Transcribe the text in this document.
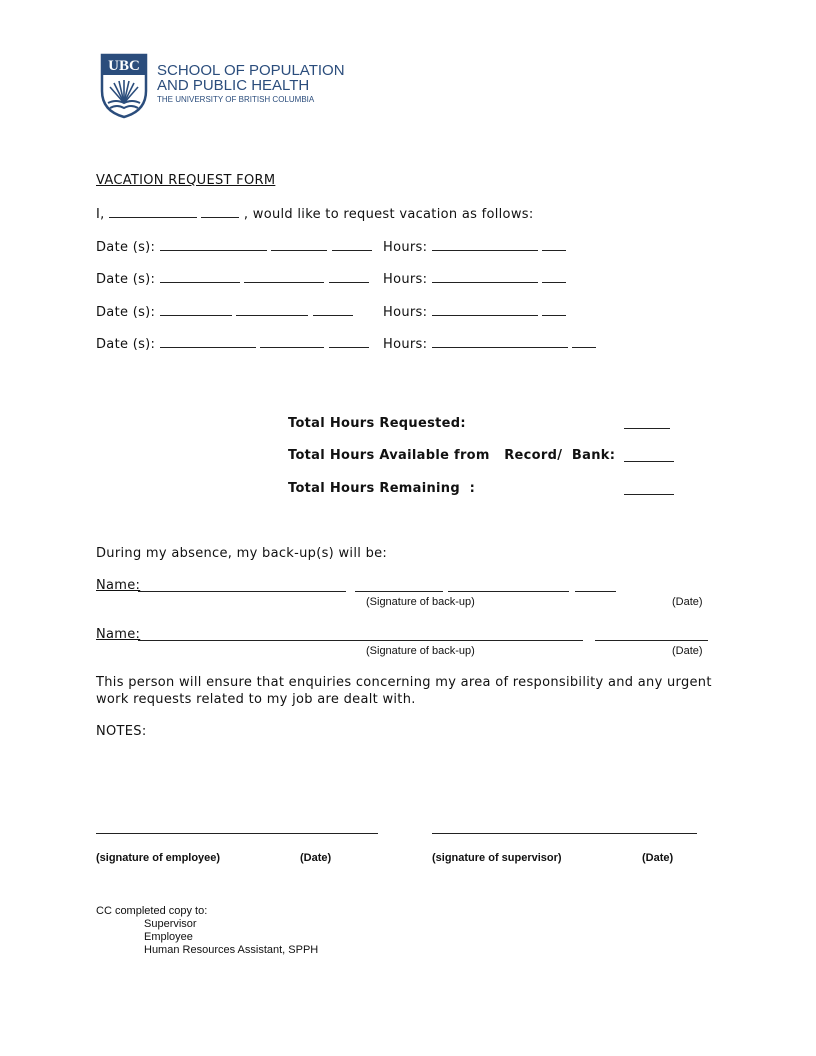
UBC SCHOOL OF POPULATION
AND PUBLIC HEALTH
THE UNIVERSITY OF BRITISH COLUMBIA
VACATION REQUEST FORM
I,	, would like to request vacation as follows:
Date (s):	Hours:
Date (s):	Hours:
Date (s):	Hours:
Date (s):	Hours:
Total Hours Requested:
Total Hours Available from   Record/  Bank:
Total Hours Remaining  :
During my absence, my back-up(s) will be:
Name:
(Signature of back-up)	(Date)
Name:
(Signature of back-up)	(Date)
This person will ensure that enquiries concerning my area of responsibility and any urgent
work requests related to my job are dealt with.
NOTES:
(signature of employee)	(Date)	(signature of supervisor)	(Date)
CC completed copy to:
Supervisor
Employee
Human Resources Assistant, SPPH
